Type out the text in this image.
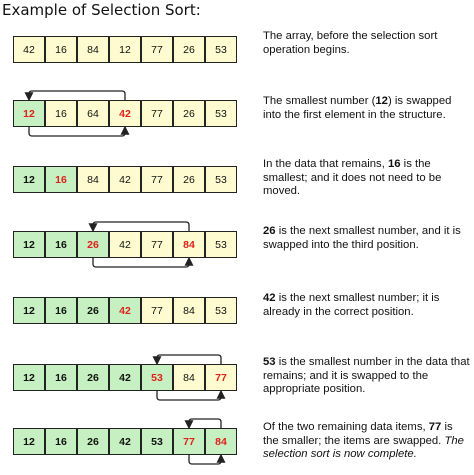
Example of Selection Sort:
42	16	84	12	77	26	53
12	16	64	42	77	26	53
12	16	84	42	77	26	53
12	16	26	42	77	84	53
12	16	26	42	77	84	53
12	16	26	42	53	84	77
12	16	26	42	53	77	84
The array, before the selection sort operation begins.
The smallest number (12) is swapped into the first element in the structure.
In the data that remains, 16 is the smallest; and it does not need to be moved.
26 is the next smallest number, and it is swapped into the third position.
42 is the next smallest number; it is already in the correct position.
53 is the smallest number in the data that remains; and it is swapped to the appropriate position.
Of the two remaining data items, 77 is the smaller; the items are swapped. The selection sort is now complete.
